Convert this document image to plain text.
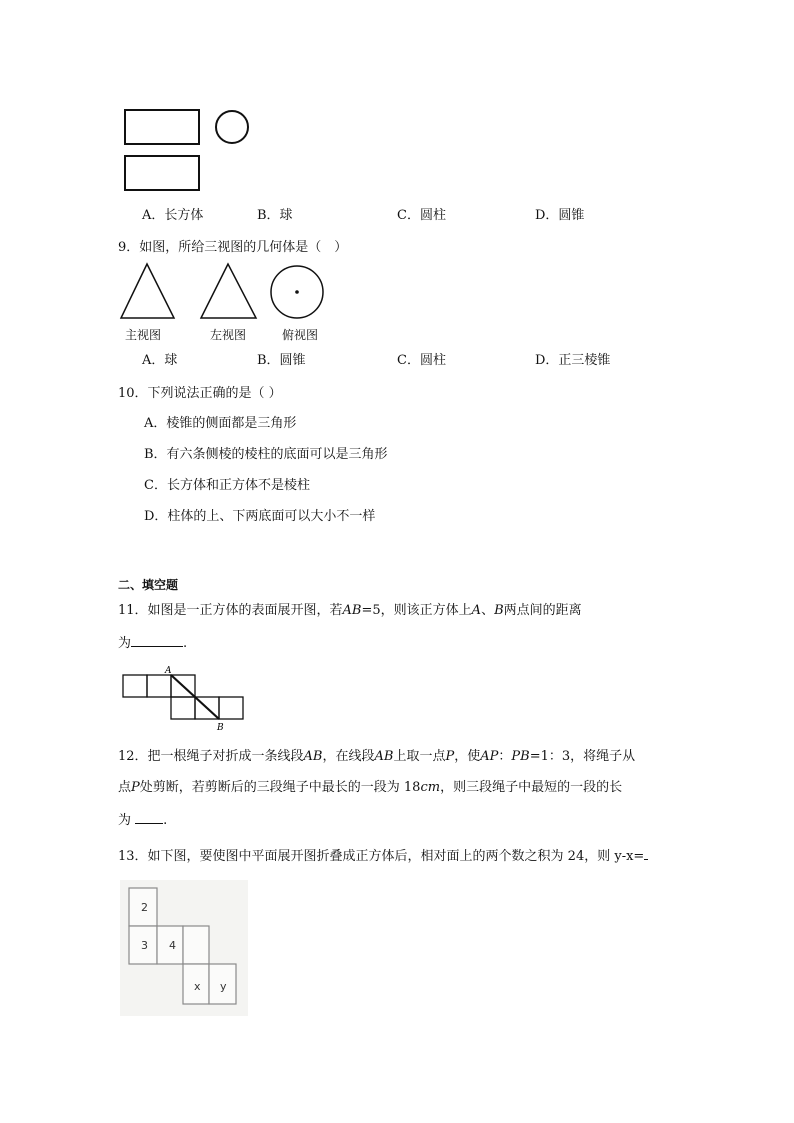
A．长方体	B．球	C．圆柱	D．圆锥
9．如图，所给三视图的几何体是（　）
主视图	左视图	俯视图
A．球	B．圆锥	C．圆柱	D．正三棱锥
10．下列说法正确的是（ ）
A．棱锥的侧面都是三角形
B．有六条侧棱的棱柱的底面可以是三角形
C．长方体和正方体不是棱柱
D．柱体的上、下两底面可以大小不一样
二、填空题
11．如图是一正方体的表面展开图，若AB=5，则该正方体上A、B两点间的距离
为	.
A
B
12．把一根绳子对折成一条线段AB，在线段AB上取一点P，使AP：PB=1：3，将绳子从
点P处剪断，若剪断后的三段绳子中最长的一段为 18cm，则三段绳子中最短的一段的长
为 .
13．如下图，要使图中平面展开图折叠成正方体后，相对面上的两个数之积为 24，则 y-x=
2
3 4
x y
